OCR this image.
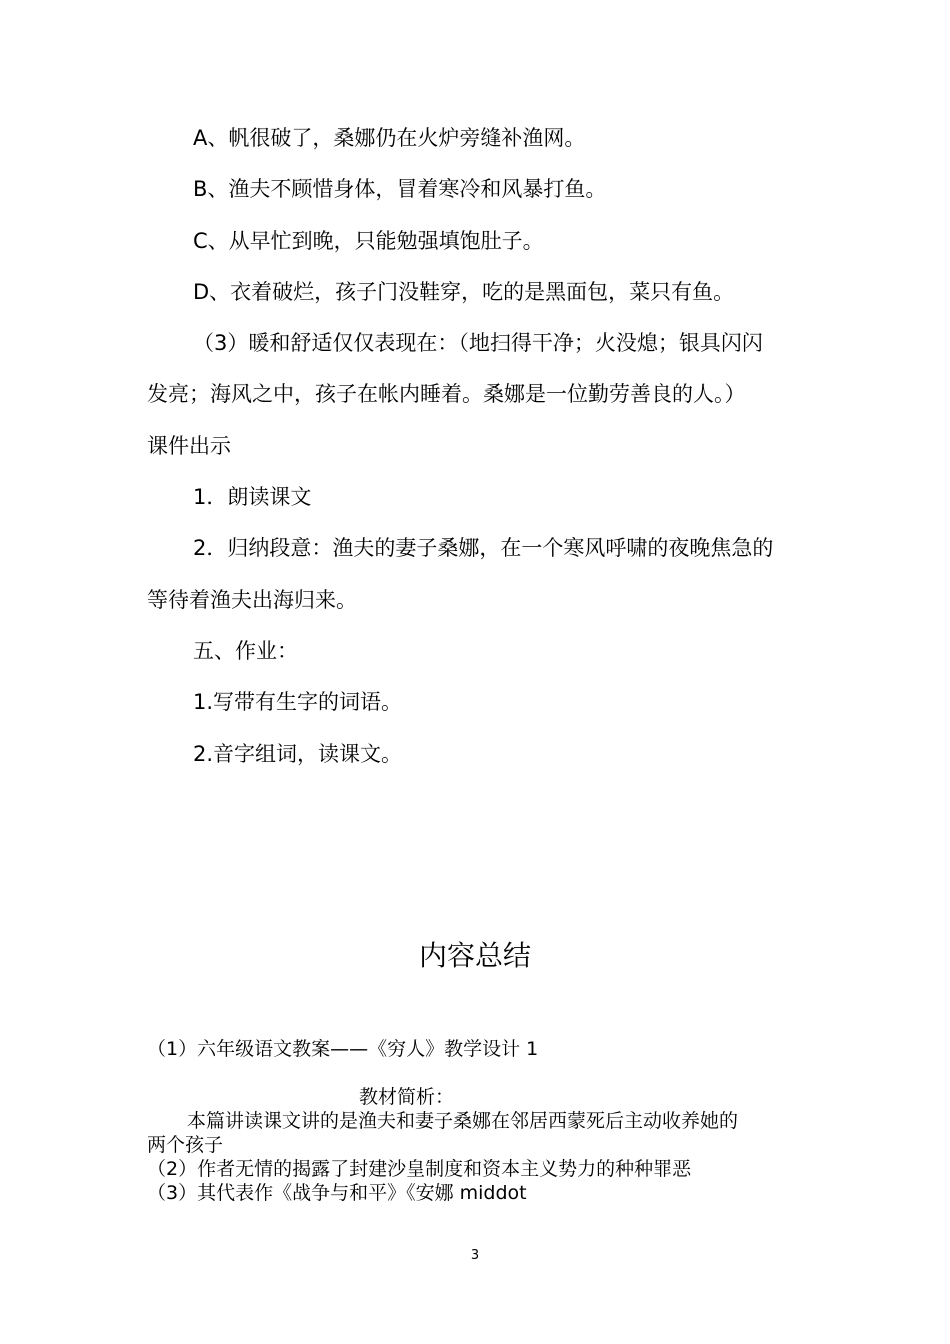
A、帆很破了，桑娜仍在火炉旁缝补渔网。
B、渔夫不顾惜身体，冒着寒冷和风暴打鱼。
C、从早忙到晚，只能勉强填饱肚子。
D、衣着破烂，孩子门没鞋穿，吃的是黑面包，菜只有鱼。
（3）暖和舒适仅仅表现在：（地扫得干净；火没熄；银具闪闪
发亮；海风之中，孩子在帐内睡着。桑娜是一位勤劳善良的人。）
课件出示
1．朗读课文
2．归纳段意：渔夫的妻子桑娜，在一个寒风呼啸的夜晚焦急的
等待着渔夫出海归来。
五、作业：
1.写带有生字的词语。
2.音字组词，读课文。
内容总结
（1）六年级语文教案——《穷人》教学设计 1
教材简析：
本篇讲读课文讲的是渔夫和妻子桑娜在邻居西蒙死后主动收养她的
两个孩子
（2）作者无情的揭露了封建沙皇制度和资本主义势力的种种罪恶
（3）其代表作《战争与和平》《安娜 middot
3
